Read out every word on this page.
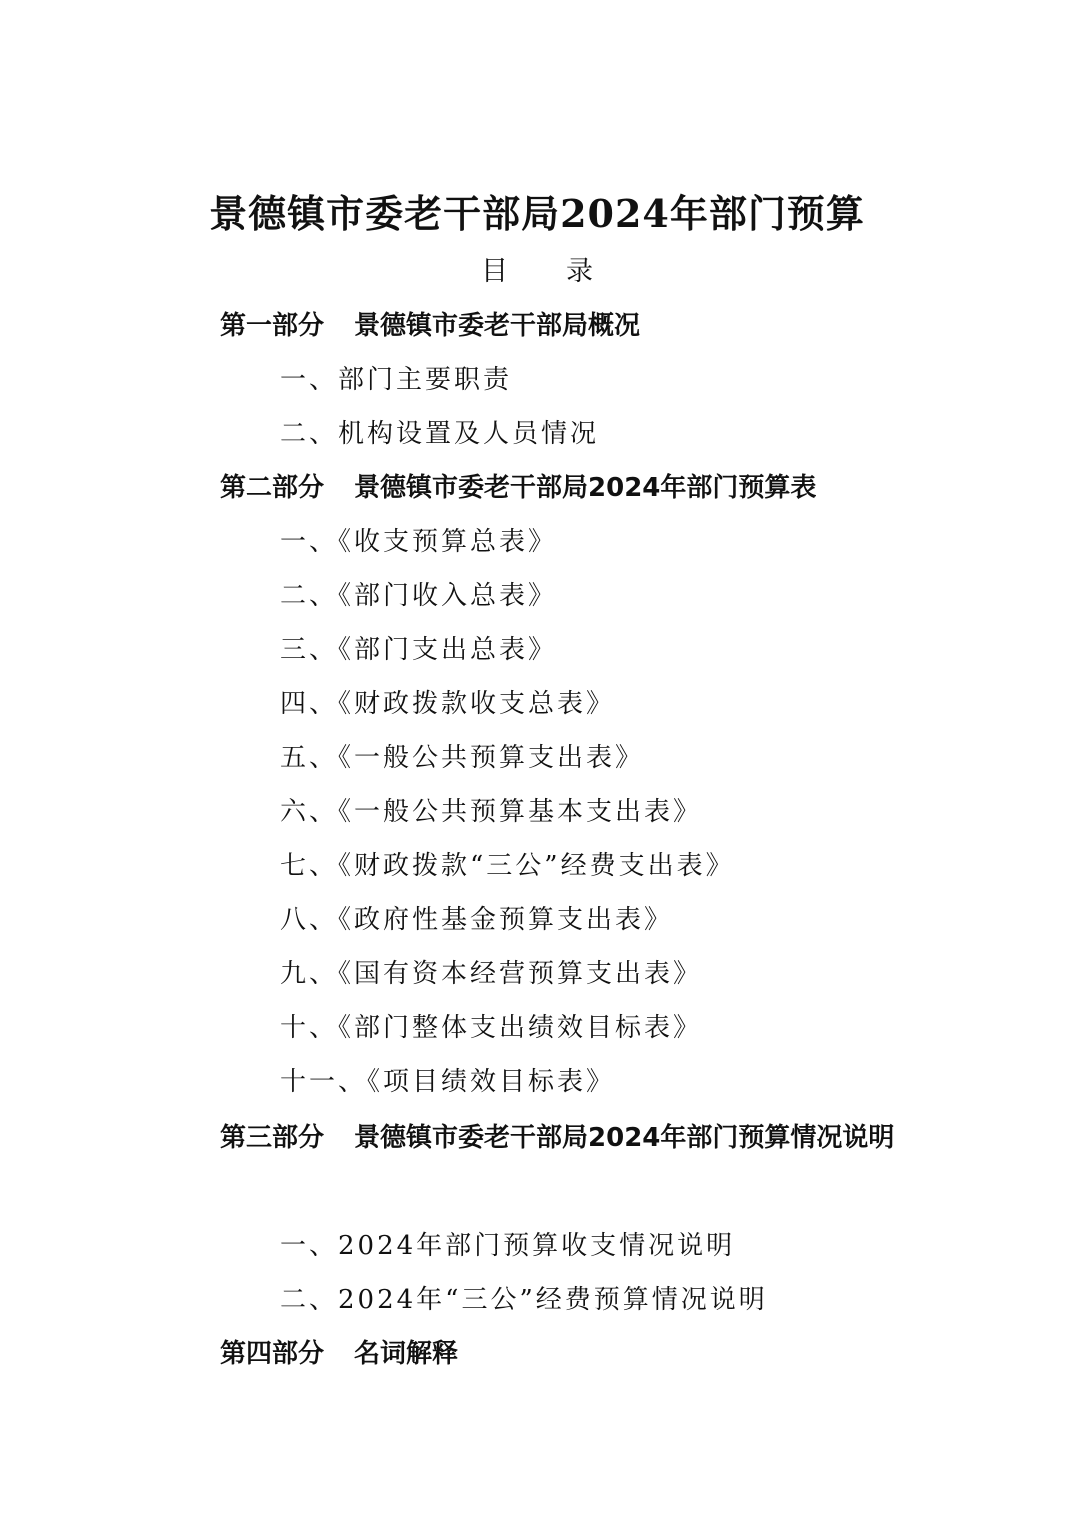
景德镇市委老干部局2024年部门预算
目 录
第一部分 景德镇市委老干部局概况
一、部门主要职责
二、机构设置及人员情况
第二部分 景德镇市委老干部局2024年部门预算表
一、《收支预算总表》
二、《部门收入总表》
三、《部门支出总表》
四、《财政拨款收支总表》
五、《一般公共预算支出表》
六、《一般公共预算基本支出表》
七、《财政拨款“三公”经费支出表》
八、《政府性基金预算支出表》
九、《国有资本经营预算支出表》
十、《部门整体支出绩效目标表》
十一、《项目绩效目标表》
第三部分 景德镇市委老干部局2024年部门预算情况说明
一、2024年部门预算收支情况说明
二、2024年“三公”经费预算情况说明
第四部分 名词解释
